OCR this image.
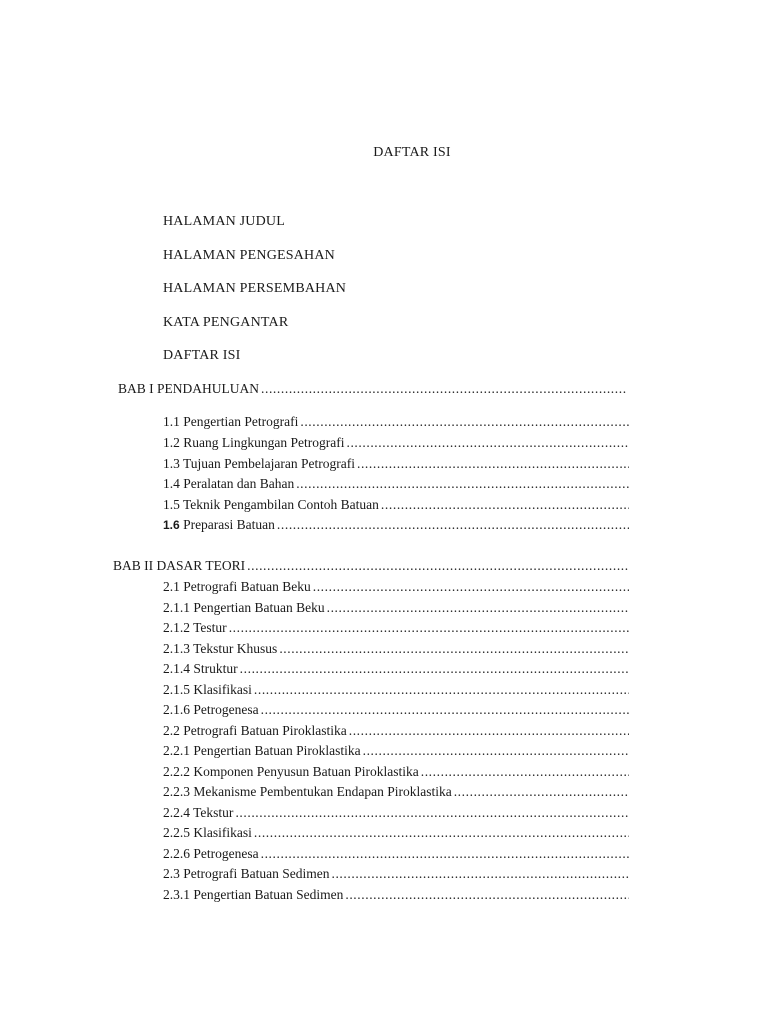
DAFTAR ISI
HALAMAN JUDUL
HALAMAN PENGESAHAN
HALAMAN PERSEMBAHAN
KATA PENGANTAR
DAFTAR ISI
BAB I PENDAHULUAN
.....
1.1 Pengertian Petrografi
.....
1.2 Ruang Lingkungan Petrografi
.....
1.3 Tujuan Pembelajaran Petrografi
.....
1.4 Peralatan dan Bahan
.....
1.5 Teknik Pengambilan Contoh Batuan
.....
1.6 Preparasi Batuan
.....
BAB II DASAR TEORI
.....
2.1 Petrografi Batuan Beku
.....
2.1.1 Pengertian Batuan Beku
.....
2.1.2 Testur
.....
2.1.3 Tekstur Khusus
.....
2.1.4 Struktur
.....
2.1.5 Klasifikasi
.....
2.1.6 Petrogenesa
.....
2.2 Petrografi Batuan Piroklastika
.....
2.2.1 Pengertian Batuan Piroklastika
.....
2.2.2 Komponen Penyusun Batuan Piroklastika
.....
2.2.3 Mekanisme Pembentukan Endapan Piroklastika
.....
2.2.4 Tekstur
.....
2.2.5 Klasifikasi
.....
2.2.6 Petrogenesa
.....
2.3 Petrografi Batuan Sedimen
.....
2.3.1 Pengertian Batuan Sedimen
.....
